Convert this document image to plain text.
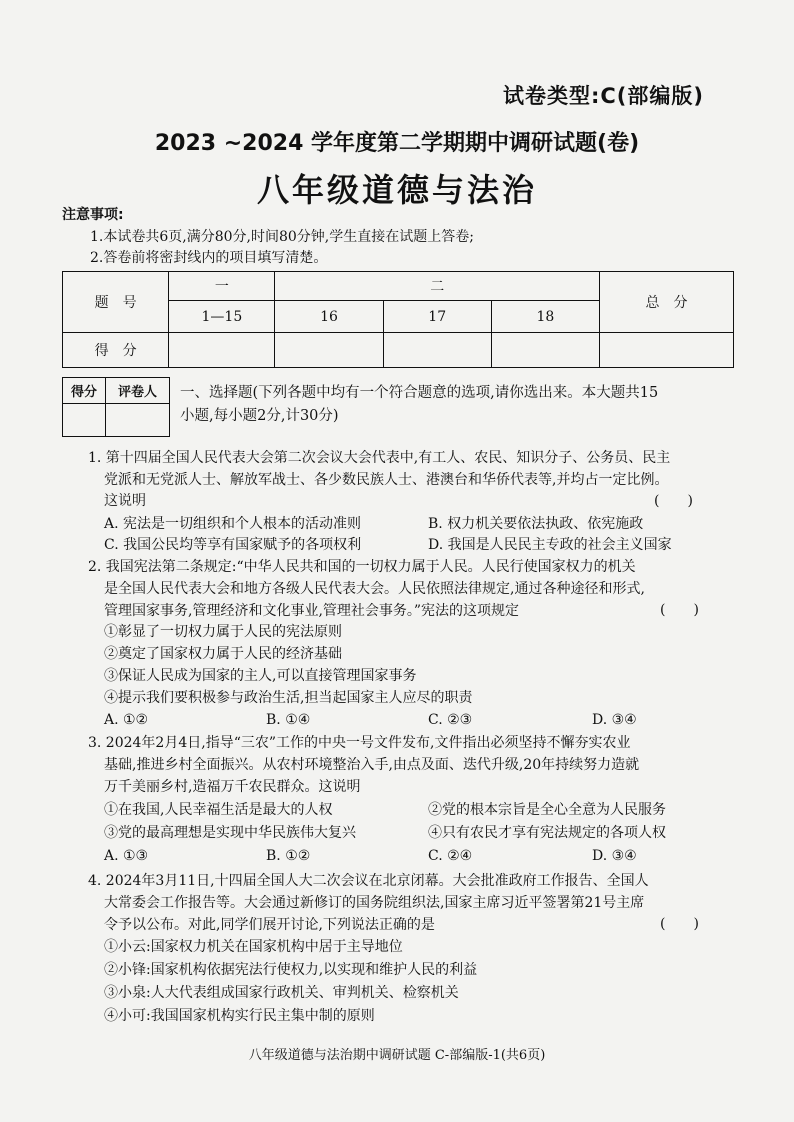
试卷类型:C(部编版)
2023 ~2024 学年度第二学期期中调研试题(卷)
八年级道德与法治
注意事项:
1.本试卷共6页,满分80分,时间80分钟,学生直接在试题上答卷;
2.答卷前将密封线内的项目填写清楚。
题　号	一	二			总　分
	1—15	16	17	18	
得　分					
得分	评卷人
	一、选择题(下列各题中均有一个符合题意的选项,请你选出来。本大题共15
小题,每小题2分,计30分)
1. 第十四届全国人民代表大会第二次会议大会代表中,有工人、农民、知识分子、公务员、民主
党派和无党派人士、解放军战士、各少数民族人士、港澳台和华侨代表等,并均占一定比例。
这说明	(　　)
A. 宪法是一切组织和个人根本的活动准则	B. 权力机关要依法执政、依宪施政
C. 我国公民均等享有国家赋予的各项权利	D. 我国是人民民主专政的社会主义国家
2. 我国宪法第二条规定:“中华人民共和国的一切权力属于人民。人民行使国家权力的机关
是全国人民代表大会和地方各级人民代表大会。人民依照法律规定,通过各种途径和形式,
管理国家事务,管理经济和文化事业,管理社会事务。”宪法的这项规定	(　　)
①彰显了一切权力属于人民的宪法原则
②奠定了国家权力属于人民的经济基础
③保证人民成为国家的主人,可以直接管理国家事务
④提示我们要积极参与政治生活,担当起国家主人应尽的职责
A. ①②	B. ①④	C. ②③	D. ③④
3. 2024年2月4日,指导“三农”工作的中央一号文件发布,文件指出必须坚持不懈夯实农业
基础,推进乡村全面振兴。从农村环境整治入手,由点及面、迭代升级,20年持续努力造就
万千美丽乡村,造福万千农民群众。这说明
①在我国,人民幸福生活是最大的人权	②党的根本宗旨是全心全意为人民服务
③党的最高理想是实现中华民族伟大复兴	④只有农民才享有宪法规定的各项人权
A. ①③	B. ①②	C. ②④	D. ③④
4. 2024年3月11日,十四届全国人大二次会议在北京闭幕。大会批准政府工作报告、全国人
大常委会工作报告等。大会通过新修订的国务院组织法,国家主席习近平签署第21号主席
令予以公布。对此,同学们展开讨论,下列说法正确的是	(　　)
①小云:国家权力机关在国家机构中居于主导地位
②小锋:国家机构依据宪法行使权力,以实现和维护人民的利益
③小泉:人大代表组成国家行政机关、审判机关、检察机关
④小可:我国国家机构实行民主集中制的原则
八年级道德与法治期中调研试题 C-部编版-1(共6页)
